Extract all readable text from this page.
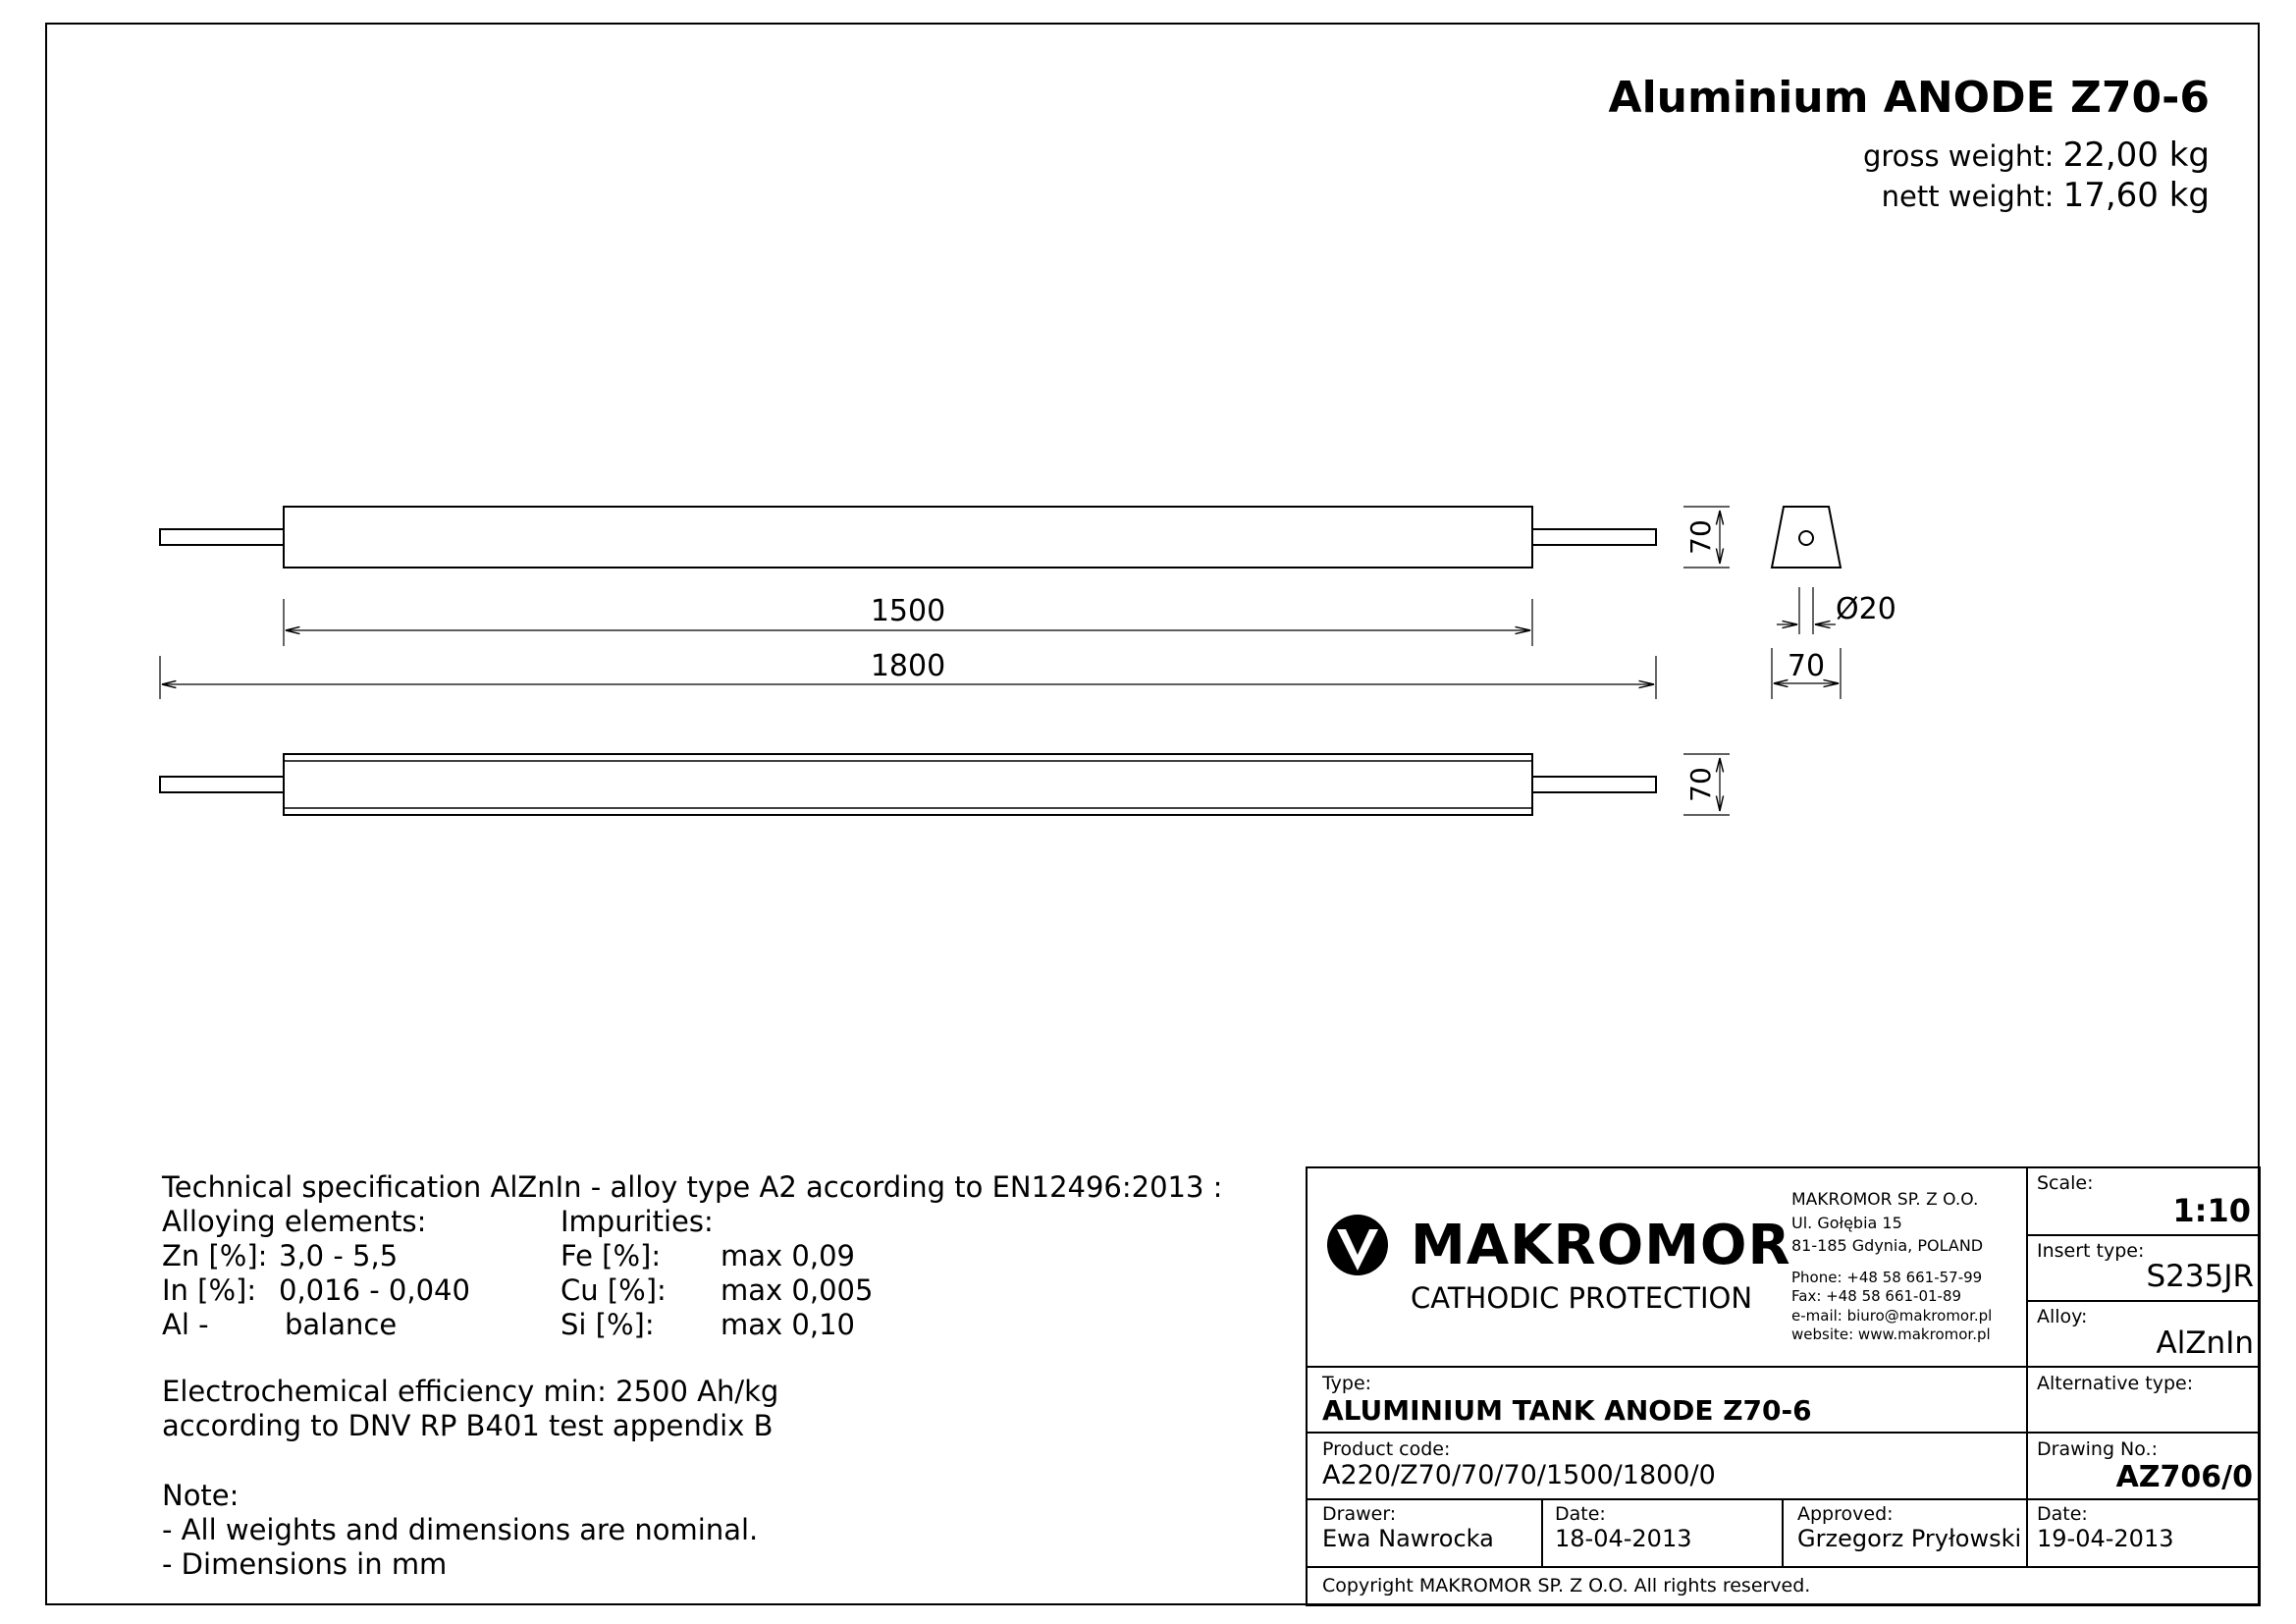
Aluminium ANODE Z70-6
gross weight: 22,00 kg
nett weight: 17,60 kg
1500
1800
70
70
Ø20
70
Technical specification AlZnIn - alloy type A2 according to EN12496:2013 :
Alloying elements:	Impurities:
Zn [%]: 3,0 - 5,5
In [%]: 0,016 - 0,040
Al -	balance
Fe [%]: max 0,09
Cu [%]: max 0,005
Si [%]: max 0,10
Electrochemical efficiency min: 2500 Ah/kg
according to DNV RP B401 test appendix B
Note:
- All weights and dimensions are nominal.
- Dimensions in mm
MAKROMOR
CATHODIC PROTECTION
MAKROMOR SP. Z O.O.
Ul. Gołębia 15
81-185 Gdynia, POLAND
Phone: +48 58 661-57-99
Fax: +48 58 661-01-89
e-mail: biuro@makromor.pl
website: www.makromor.pl
Scale:
1:10
Insert type:
S235JR
Alloy:
AlZnIn
Alternative type:
Type:
ALUMINIUM TANK ANODE Z70-6
Product code:
A220/Z70/70/70/1500/1800/0
Drawing No.:
AZ706/0
Drawer:
Ewa Nawrocka
Date:
18-04-2013
Approved:
Grzegorz Pryłowski
Date:
19-04-2013
Copyright MAKROMOR SP. Z O.O. All rights reserved.
